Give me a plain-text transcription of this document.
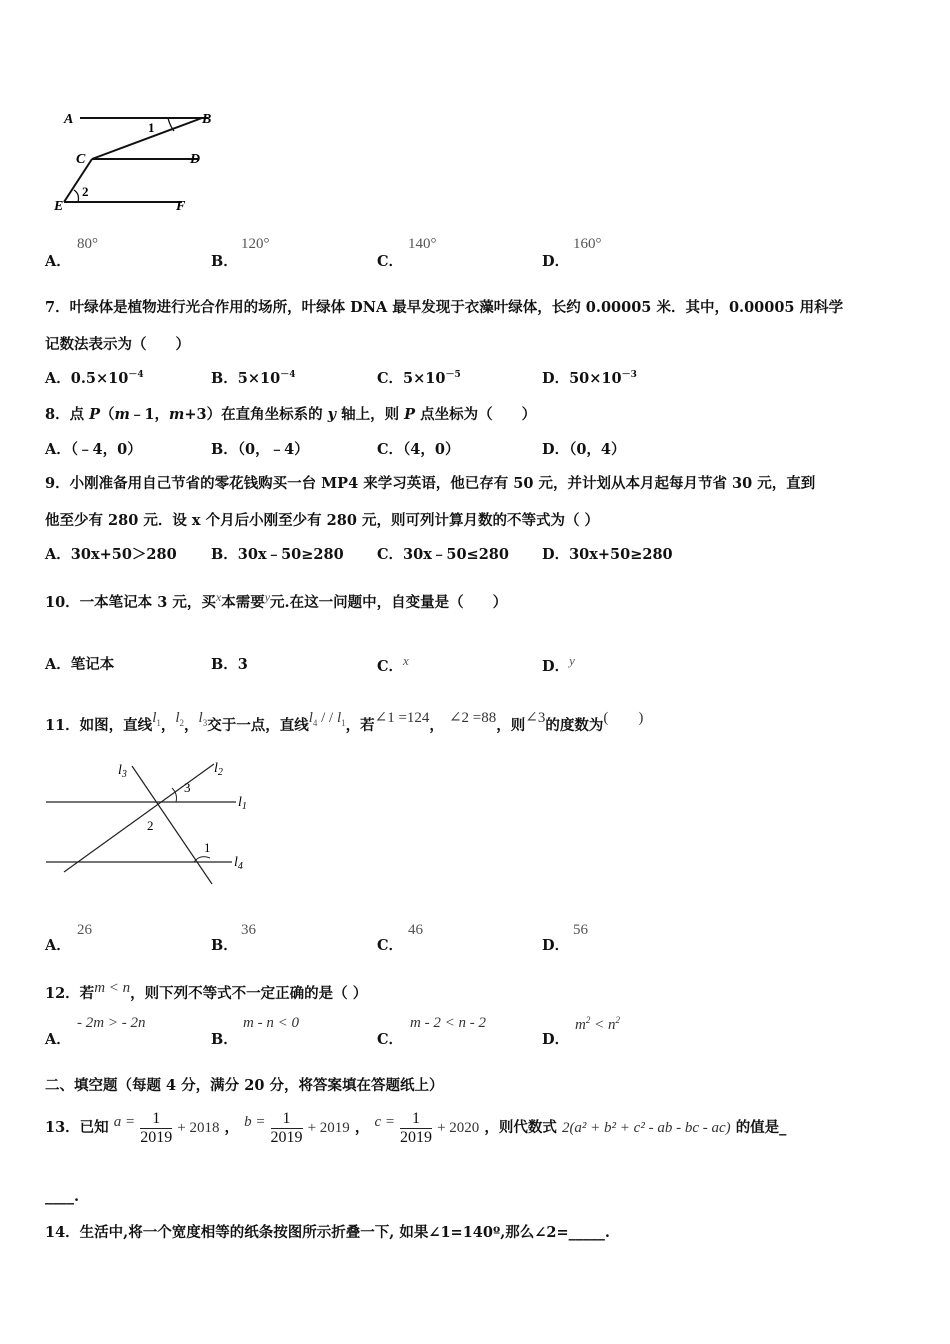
A	B
C	D
E	F
1
2
A．
80°
B．
120°
C．
140°
D．
160°
7．叶绿体是植物进行光合作用的场所，叶绿体 DNA 最早发现于衣藻叶绿体，长约 0.00005 米．其中，0.00005 用科学
记数法表示为（　　）
A．$0.5\times 10^{-4}$	B．$5\times 10^{-4}$	C．$5\times 10^{-5}$	D．$50\times 10^{-3}$
8．点 P（m﹣1，m+3）在直角坐标系的 y 轴上，则 P 点坐标为（　　）
A．（﹣4，0）	B．（0，﹣4）	C．（4，0）	D．（0，4）
9．小刚准备用自己节省的零花钱购买一台 MP4 来学习英语，他已存有 50 元，并计划从本月起每月节省 30 元，直到
他至少有 280 元．设 x 个月后小刚至少有 280 元，则可列计算月数的不等式为（ ）
A．30x+50＞280 B．30x﹣50≥280 C．30x﹣50≤280 D．30x+50≥280
10．一本笔记本 3 元，买$^x$本需要$^y$元.在这一问题中，自变量是（　　）
A．笔记本	B．3	C．x	D．y
11．如图，直线$l_1$，$l_2$，$l_3$交于一点，直线$l_4$ / / $l_1$，若∠1 =124， ∠2 =88，则∠3的度数为(　　)
$l_3$	$l_2$
$l_1$
$l_4$
3
2
1
A．
26
B．
36
C．
46
D．
56
12．若m < n，则下列不等式不一定正确的是（ ）
A．
- 2m > - 2n
B．
m - n < 0
C．
m - 2 < n - 2
D．
$m^2 < n^2$
二、填空题（每题 4 分，满分 20 分，将答案填在答题纸上）
13．已知 $a = \frac{1}{2019} + 2018$ ， $b = \frac{1}{2019} + 2019$ ， $c = \frac{1}{2019} + 2020$ ，则代数式 2(a² + b² + c² - ab - bc - ac) 的值是_
____.
14．生活中,将一个宽度相等的纸条按图所示折叠一下, 如果∠1=140º,那么∠2=_____.
